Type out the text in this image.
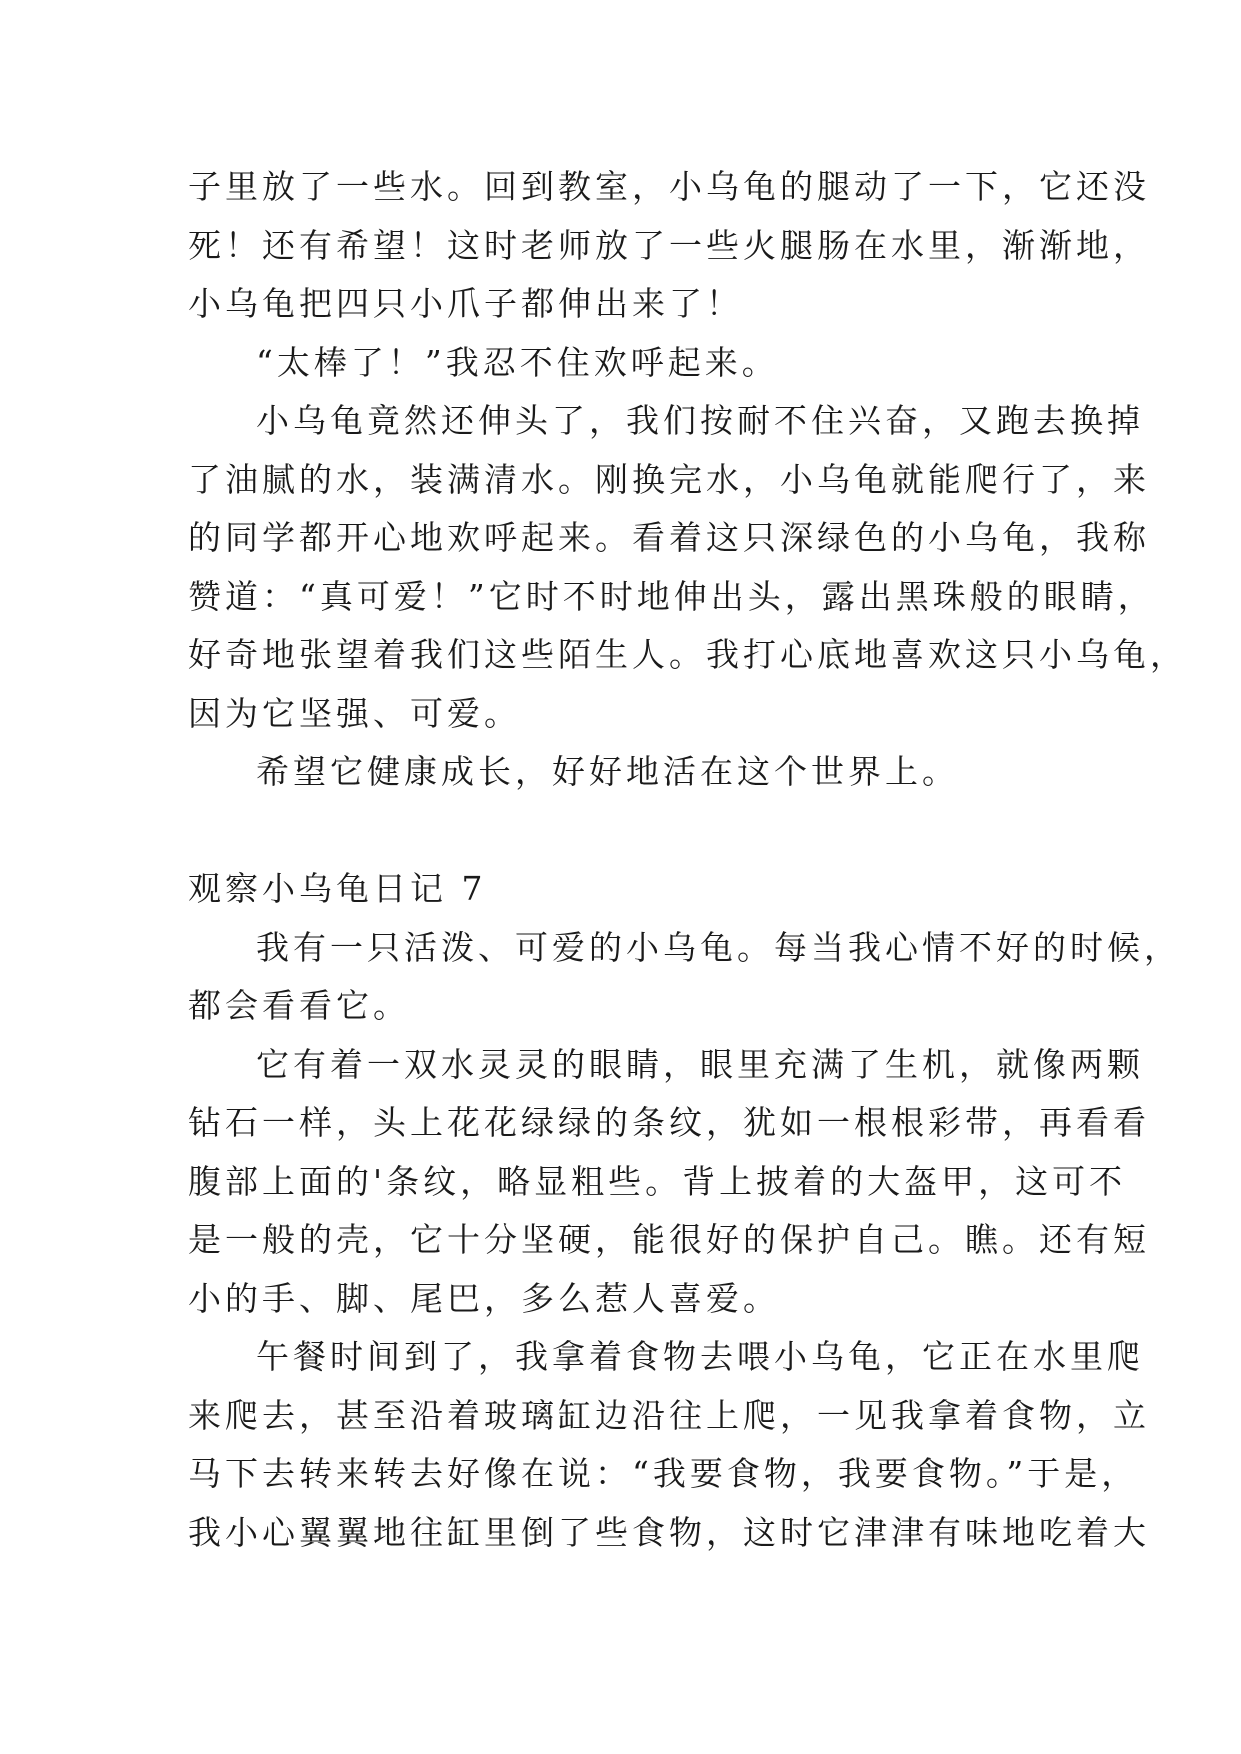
子里放了一些水。回到教室，小乌龟的腿动了一下，它还没
死！还有希望！这时老师放了一些火腿肠在水里，渐渐地，
小乌龟把四只小爪子都伸出来了！
“太棒了！”我忍不住欢呼起来。
小乌龟竟然还伸头了，我们按耐不住兴奋，又跑去换掉
了油腻的水，装满清水。刚换完水，小乌龟就能爬行了，来
的同学都开心地欢呼起来。看着这只深绿色的小乌龟，我称
赞道：“真可爱！”它时不时地伸出头，露出黑珠般的眼睛，
好奇地张望着我们这些陌生人。我打心底地喜欢这只小乌龟，
因为它坚强、可爱。
希望它健康成长，好好地活在这个世界上。
观察小乌龟日记 7
我有一只活泼、可爱的小乌龟。每当我心情不好的时候，
都会看看它。
它有着一双水灵灵的眼睛，眼里充满了生机，就像两颗
钻石一样，头上花花绿绿的条纹，犹如一根根彩带，再看看
腹部上面的'条纹，略显粗些。背上披着的大盔甲，这可不
是一般的壳，它十分坚硬，能很好的保护自己。瞧。还有短
小的手、脚、尾巴，多么惹人喜爱。
午餐时间到了，我拿着食物去喂小乌龟，它正在水里爬
来爬去，甚至沿着玻璃缸边沿往上爬，一见我拿着食物，立
马下去转来转去好像在说：“我要食物，我要食物。”于是，
我小心翼翼地往缸里倒了些食物，这时它津津有味地吃着大
